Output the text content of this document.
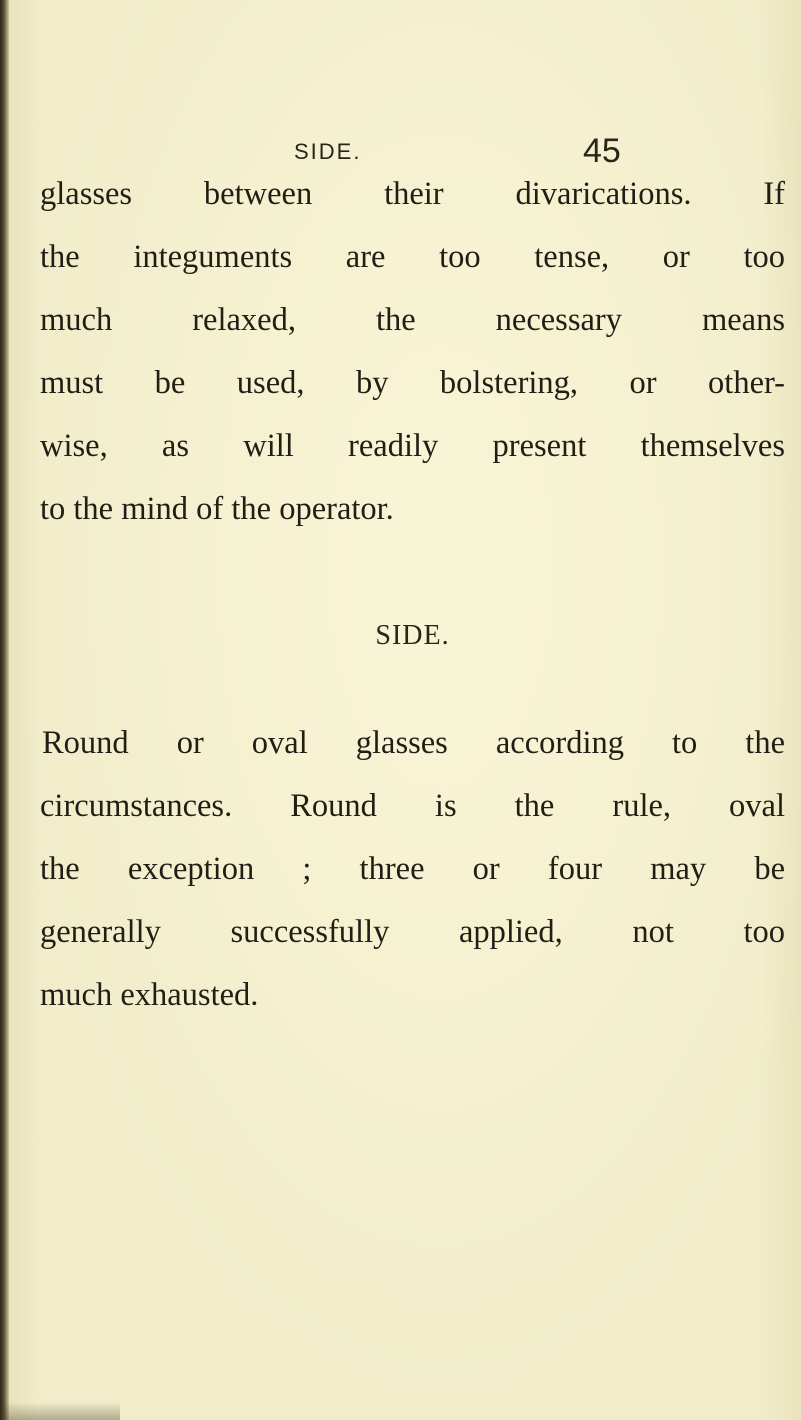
SIDE.	45

glasses between their divarications. If
the integuments are too tense, or too
much relaxed, the necessary means
must be used, by bolstering, or other-
wise, as will readily present themselves
to the mind of the operator.

SIDE.

Round or oval glasses according to the
circumstances. Round is the rule, oval
the exception ; three or four may be
generally successfully applied, not too
much exhausted.
